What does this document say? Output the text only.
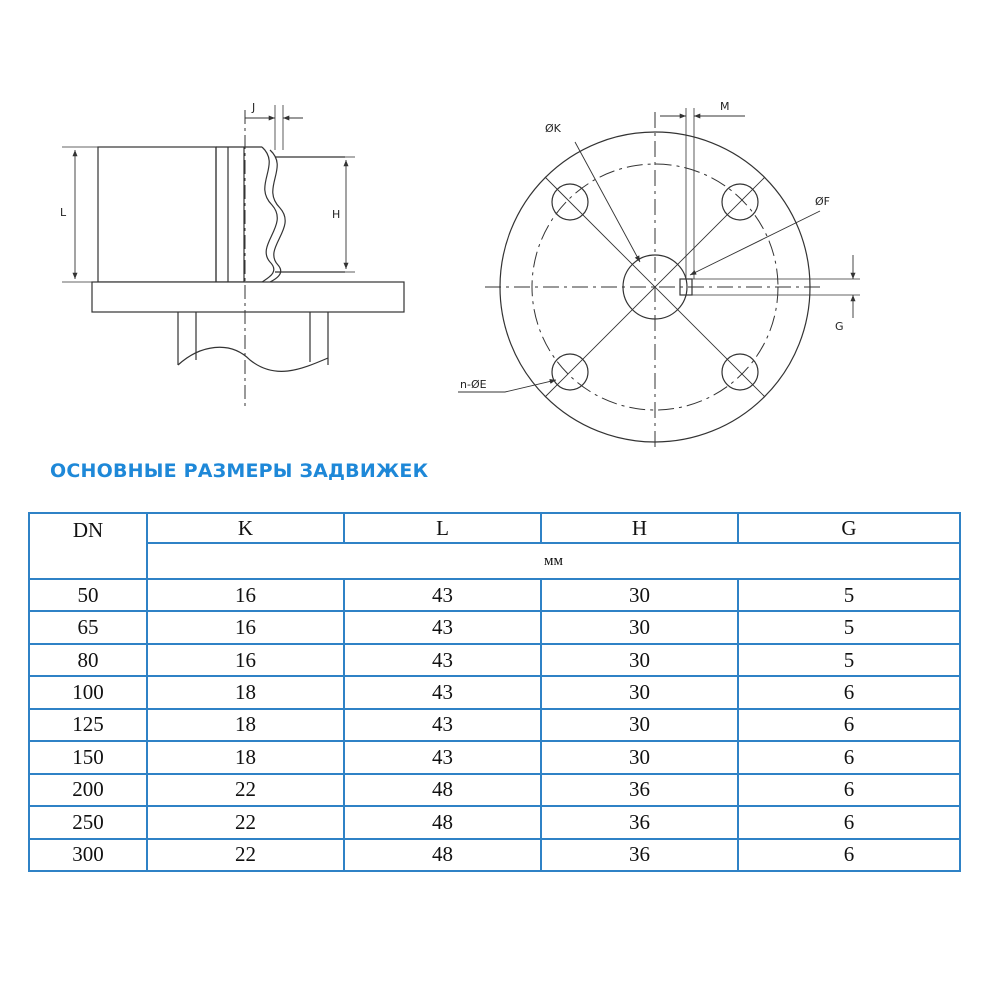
J
L	H
ØK
M
ØF
G
n-ØE
ОСНОВНЫЕ РАЗМЕРЫ ЗАДВИЖЕК
DN	K	L	H	G
	мм			
50	16	43	30	5
65	16	43	30	5
80	16	43	30	5
100	18	43	30	6
125	18	43	30	6
150	18	43	30	6
200	22	48	36	6
250	22	48	36	6
300	22	48	36	6
